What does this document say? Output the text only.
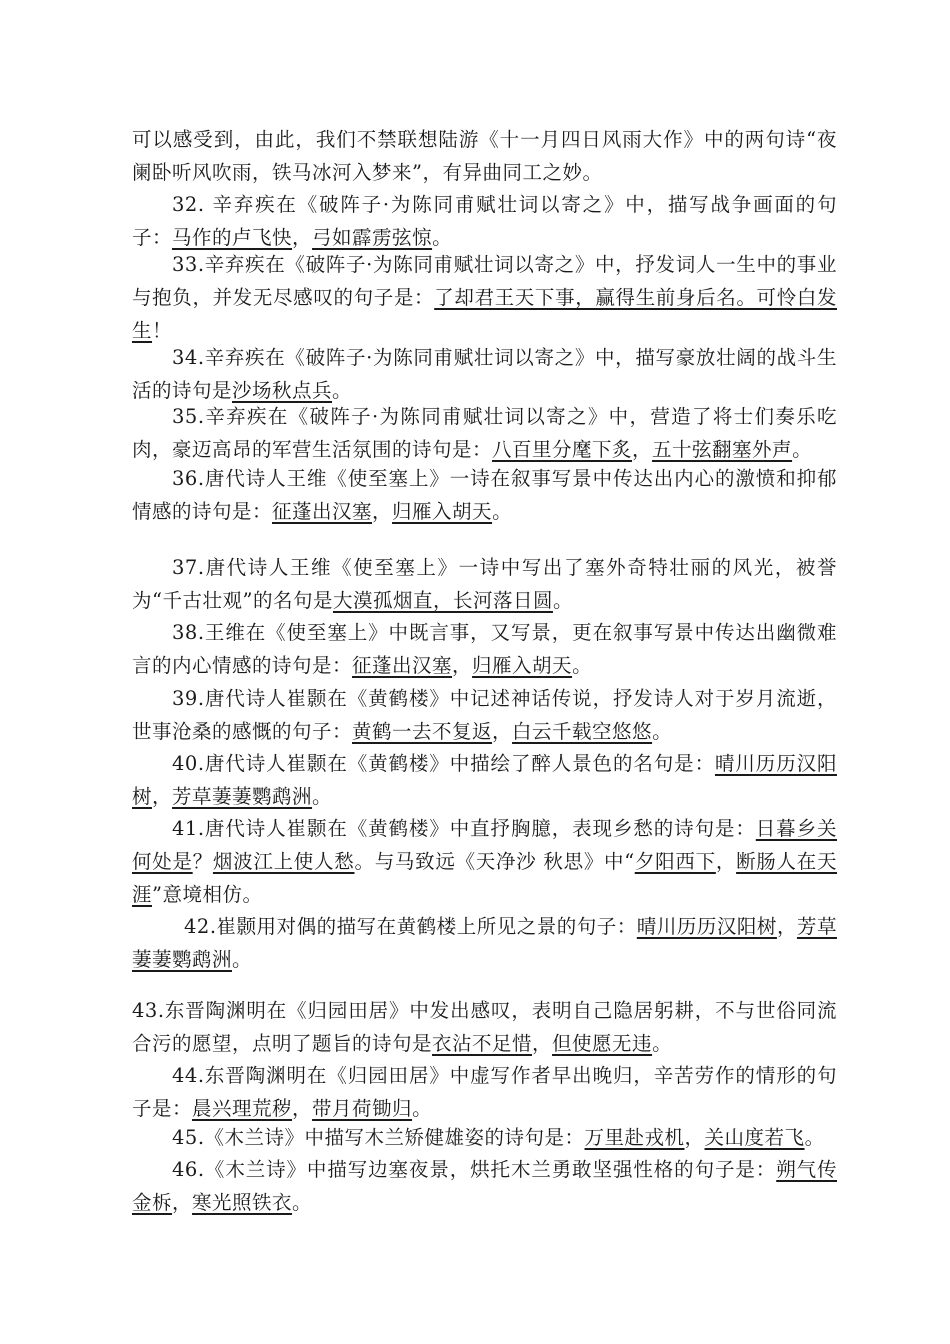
可以感受到，由此，我们不禁联想陆游《十一月四日风雨大作》中的两句诗“夜阑卧听风吹雨，铁马冰河入梦来”，有异曲同工之妙。

32. 辛弃疾在《破阵子·为陈同甫赋壮词以寄之》中，描写战争画面的句子：马作的卢飞快，弓如霹雳弦惊。

33.辛弃疾在《破阵子·为陈同甫赋壮词以寄之》中，抒发词人一生中的事业与抱负，并发无尽感叹的句子是：了却君王天下事，赢得生前身后名。可怜白发生！

34.辛弃疾在《破阵子·为陈同甫赋壮词以寄之》中，描写豪放壮阔的战斗生活的诗句是沙场秋点兵。

35.辛弃疾在《破阵子·为陈同甫赋壮词以寄之》中，营造了将士们奏乐吃肉，豪迈高昂的军营生活氛围的诗句是：八百里分麾下炙，五十弦翻塞外声。

36.唐代诗人王维《使至塞上》一诗在叙事写景中传达出内心的激愤和抑郁情感的诗句是：征蓬出汉塞，归雁入胡天。

37.唐代诗人王维《使至塞上》一诗中写出了塞外奇特壮丽的风光，被誉为“千古壮观”的名句是大漠孤烟直，长河落日圆。

38.王维在《使至塞上》中既言事，又写景，更在叙事写景中传达出幽微难言的内心情感的诗句是：征蓬出汉塞，归雁入胡天。

39.唐代诗人崔颢在《黄鹤楼》中记述神话传说，抒发诗人对于岁月流逝，世事沧桑的感慨的句子：黄鹤一去不复返，白云千载空悠悠。

40.唐代诗人崔颢在《黄鹤楼》中描绘了醉人景色的名句是：晴川历历汉阳树，芳草萋萋鹦鹉洲。

41.唐代诗人崔颢在《黄鹤楼》中直抒胸臆，表现乡愁的诗句是：日暮乡关何处是？烟波江上使人愁。与马致远《天净沙 秋思》中“夕阳西下，断肠人在天涯”意境相仿。

42.崔颢用对偶的描写在黄鹤楼上所见之景的句子：晴川历历汉阳树，芳草萋萋鹦鹉洲。

43.东晋陶渊明在《归园田居》中发出感叹，表明自己隐居躬耕，不与世俗同流合污的愿望，点明了题旨的诗句是衣沾不足惜，但使愿无违。

44.东晋陶渊明在《归园田居》中虚写作者早出晚归，辛苦劳作的情形的句子是：晨兴理荒秽，带月荷锄归。

45.《木兰诗》中描写木兰矫健雄姿的诗句是：万里赴戎机，关山度若飞。

46.《木兰诗》中描写边塞夜景，烘托木兰勇敢坚强性格的句子是：朔气传金柝，寒光照铁衣。
